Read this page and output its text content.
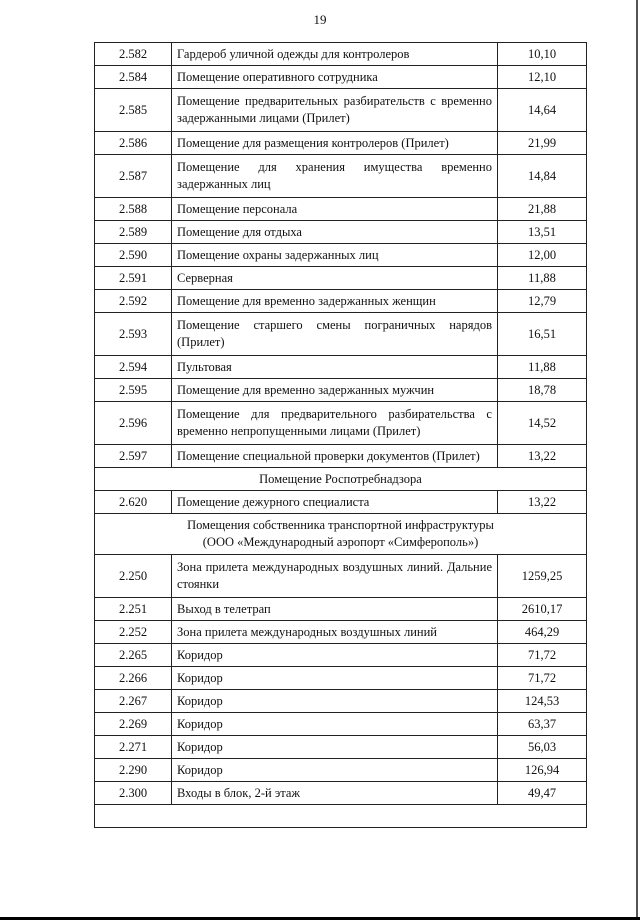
19
2.582	Гардероб уличной одежды для контролеров	10,10
2.584	Помещение оперативного сотрудника	12,10
2.585	Помещение предварительных разбирательств с временно задержанными лицами (Прилет)	14,64
2.586	Помещение для размещения контролеров (Прилет)	21,99
2.587	Помещение для хранения имущества временно задержанных лиц	14,84
2.588	Помещение персонала	21,88
2.589	Помещение для отдыха	13,51
2.590	Помещение охраны задержанных лиц	12,00
2.591	Серверная	11,88
2.592	Помещение для временно задержанных женщин	12,79
2.593	Помещение старшего смены пограничных нарядов (Прилет)	16,51
2.594	Пультовая	11,88
2.595	Помещение для временно задержанных мужчин	18,78
2.596	Помещение для предварительного разбирательства с временно непропущенными лицами (Прилет)	14,52
2.597	Помещение специальной проверки документов (Прилет)	13,22
Помещение Роспотребнадзора		
2.620	Помещение дежурного специалиста	13,22

Помещения собственника транспортной инфраструктуры
(ООО «Международный аэропорт «Симферополь»)		

2.250	Зона прилета международных воздушных линий. Дальние стоянки	1259,25
2.251	Выход в телетрап	2610,17
2.252	Зона прилета международных воздушных линий	464,29
2.265	Коридор	71,72
2.266	Коридор	71,72
2.267	Коридор	124,53
2.269	Коридор	63,37
2.271	Коридор	56,03
2.290	Коридор	126,94
2.300	Входы в блок, 2-й этаж	49,47
